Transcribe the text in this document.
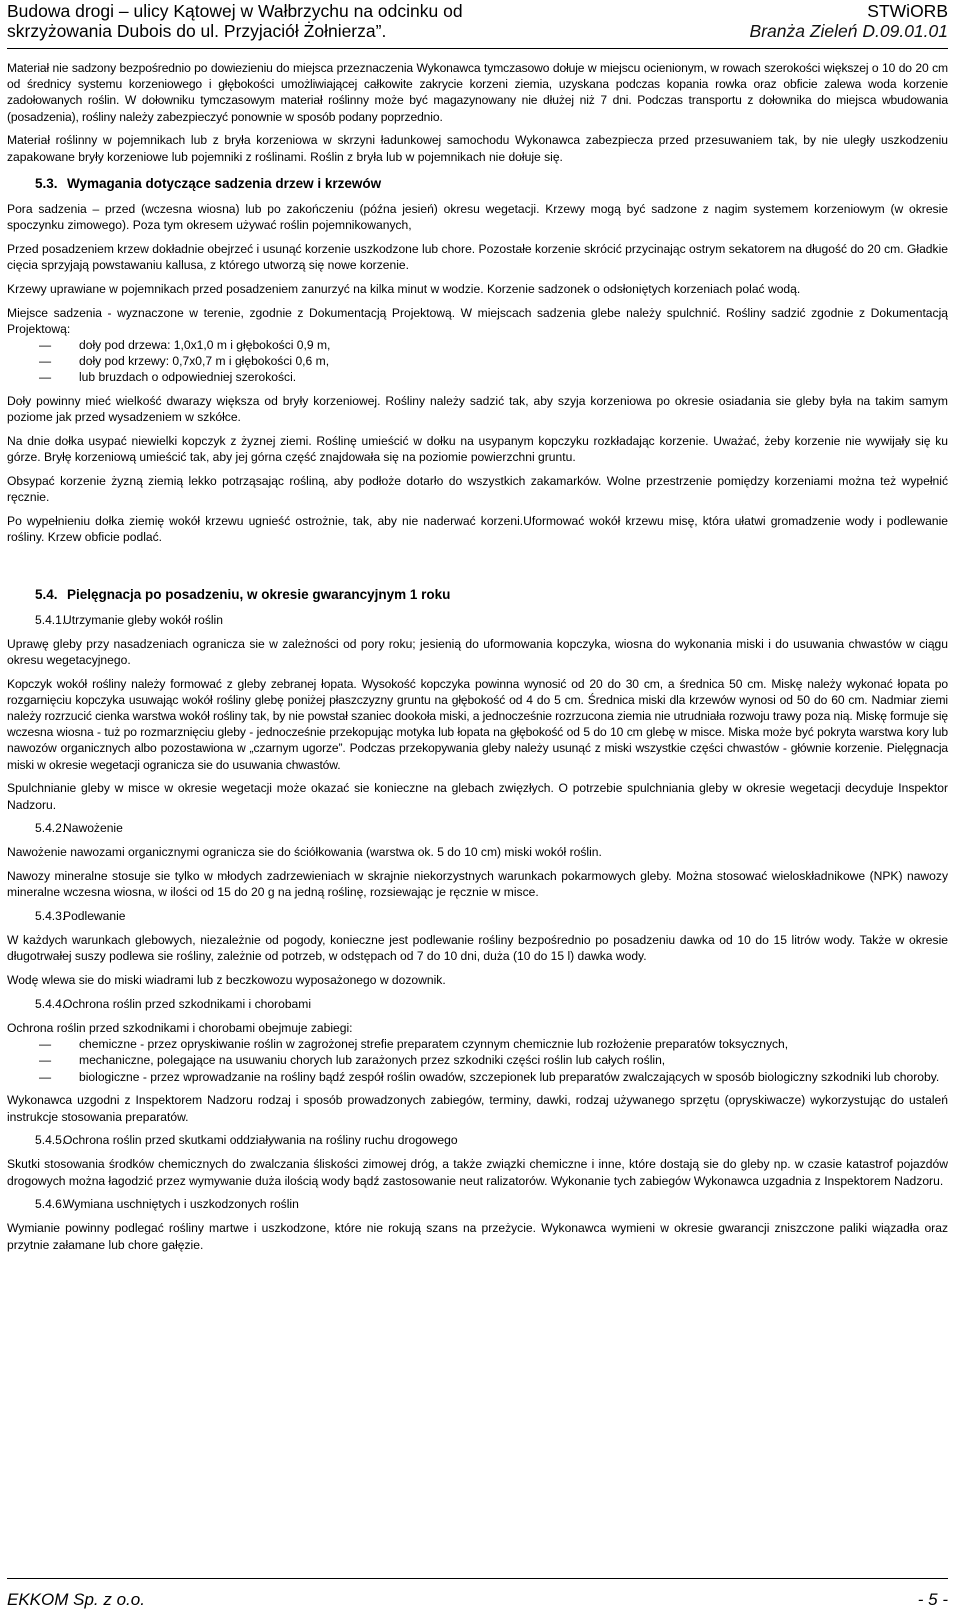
Budowa drogi – ulicy Kątowej w Wałbrzychu na odcinku od
skrzyżowania Dubois do ul. Przyjaciół Żołnierza”.
STWiORB
Branża Zieleń D.09.01.01

Materiał nie sadzony bezpośrednio po dowiezieniu do miejsca przeznaczenia Wykonawca tymczasowo dołuje w miejscu ocienionym, w rowach szerokości większej o 10 do 20 cm od średnicy systemu korzeniowego i głębokości umożliwiającej całkowite zakrycie korzeni ziemia, uzyskana podczas kopania rowka oraz obficie zalewa woda korzenie zadołowanych roślin. W dołowniku tymczasowym materiał roślinny może być magazynowany nie dłużej niż 7 dni. Podczas transportu z dołownika do miejsca wbudowania (posadzenia), rośliny należy zabezpieczyć ponownie w sposób podany poprzednio.

Materiał roślinny w pojemnikach lub z bryła korzeniowa w skrzyni ładunkowej samochodu Wykonawca zabezpiecza przed przesuwaniem tak, by nie uległy uszkodzeniu zapakowane bryły korzeniowe lub pojemniki z roślinami. Roślin z bryła lub w pojemnikach nie dołuje się.

5.3. Wymagania dotyczące sadzenia drzew i krzewów

Pora sadzenia – przed (wczesna wiosna) lub po zakończeniu (późna jesień) okresu wegetacji. Krzewy mogą być sadzone z nagim systemem korzeniowym (w okresie spoczynku zimowego). Poza tym okresem używać roślin pojemnikowanych,

Przed posadzeniem krzew dokładnie obejrzeć i usunąć korzenie uszkodzone lub chore. Pozostałe korzenie skrócić przycinając ostrym sekatorem na długość do 20 cm. Gładkie cięcia sprzyjają powstawaniu kallusa, z którego utworzą się nowe korzenie.

Krzewy uprawiane w pojemnikach przed posadzeniem zanurzyć na kilka minut w wodzie. Korzenie sadzonek o odsłoniętych korzeniach polać wodą.

Miejsce sadzenia - wyznaczone w terenie, zgodnie z Dokumentacją Projektową. W miejscach sadzenia glebe należy spulchnić. Rośliny sadzić zgodnie z Dokumentacją Projektową:

— doły pod drzewa: 1,0x1,0 m i głębokości 0,9 m,
— doły pod krzewy: 0,7x0,7 m i głębokości 0,6 m,
— lub bruzdach o odpowiedniej szerokości.

Doły powinny mieć wielkość dwarazy większa od bryły korzeniowej. Rośliny należy sadzić tak, aby szyja korzeniowa po okresie osiadania sie gleby była na takim samym poziome jak przed wysadzeniem w szkółce.

Na dnie dołka usypać niewielki kopczyk z żyznej ziemi. Roślinę umieścić w dołku na usypanym kopczyku rozkładając korzenie. Uważać, żeby korzenie nie wywijały się ku górze. Bryłę korzeniową umieścić tak, aby jej górna część znajdowała się na poziomie powierzchni gruntu.

Obsypać korzenie żyzną ziemią lekko potrząsając rośliną, aby podłoże dotarło do wszystkich zakamarków. Wolne przestrzenie pomiędzy korzeniami można też wypełnić ręcznie.

Po wypełnieniu dołka ziemię wokół krzewu ugnieść ostrożnie, tak, aby nie naderwać korzeni.Uformować wokół krzewu misę, która ułatwi gromadzenie wody i podlewanie rośliny. Krzew obficie podlać.

5.4. Pielęgnacja po posadzeniu, w okresie gwarancyjnym 1 roku
5.4.1.Utrzymanie gleby wokół roślin

Uprawę gleby przy nasadzeniach ogranicza sie w zależności od pory roku; jesienią do uformowania kopczyka, wiosna do wykonania miski i do usuwania chwastów w ciągu okresu wegetacyjnego.

Kopczyk wokół rośliny należy formować z gleby zebranej łopata. Wysokość kopczyka powinna wynosić od 20 do 30 cm, a średnica 50 cm. Miskę należy wykonać łopata po rozgarnięciu kopczyka usuwając wokół rośliny glebę poniżej płaszczyzny gruntu na głębokość od 4 do 5 cm. Średnica miski dla krzewów wynosi od 50 do 60 cm. Nadmiar ziemi należy rozrzucić cienka warstwa wokół rośliny tak, by nie powstał szaniec dookoła miski, a jednocześnie rozrzucona ziemia nie utrudniała rozwoju trawy poza nią. Miskę formuje się wczesna wiosna - tuż po rozmarznięciu gleby - jednocześnie przekopując motyka lub łopata na głębokość od 5 do 10 cm glebę w misce. Miska może być pokryta warstwa kory lub nawozów organicznych albo pozostawiona w „czarnym ugorze”. Podczas przekopywania gleby należy usunąć z miski wszystkie części chwastów - głównie korzenie. Pielęgnacja miski w okresie wegetacji ogranicza sie do usuwania chwastów.

Spulchnianie gleby w misce w okresie wegetacji może okazać sie konieczne na glebach zwięzłych. O potrzebie spulchniania gleby w okresie wegetacji decyduje Inspektor Nadzoru.

5.4.2.Nawożenie

Nawożenie nawozami organicznymi ogranicza sie do ściółkowania (warstwa ok. 5 do 10 cm) miski wokół roślin.

Nawozy mineralne stosuje sie tylko w młodych zadrzewieniach w skrajnie niekorzystnych warunkach pokarmowych gleby. Można stosować wieloskładnikowe (NPK) nawozy mineralne wczesna wiosna, w ilości od 15 do 20 g na jedną roślinę, rozsiewając je ręcznie w misce.

5.4.3.Podlewanie

W każdych warunkach glebowych, niezależnie od pogody, konieczne jest podlewanie rośliny bezpośrednio po posadzeniu dawka od 10 do 15 litrów wody. Także w okresie długotrwałej suszy podlewa sie rośliny, zależnie od potrzeb, w odstępach od 7 do 10 dni, duża (10 do 15 l) dawka wody.

Wodę wlewa sie do miski wiadrami lub z beczkowozu wyposażonego w dozownik.

5.4.4.Ochrona roślin przed szkodnikami i chorobami

Ochrona roślin przed szkodnikami i chorobami obejmuje zabiegi:

— chemiczne - przez opryskiwanie roślin w zagrożonej strefie preparatem czynnym chemicznie lub rozłożenie preparatów toksycznych,
— mechaniczne, polegające na usuwaniu chorych lub zarażonych przez szkodniki części roślin lub całych roślin,
— biologiczne - przez wprowadzanie na rośliny bądź zespół roślin owadów, szczepionek lub preparatów zwalczających w sposób biologiczny szkodniki lub choroby.

Wykonawca uzgodni z Inspektorem Nadzoru rodzaj i sposób prowadzonych zabiegów, terminy, dawki, rodzaj używanego sprzętu (opryskiwacze) wykorzystując do ustaleń instrukcje stosowania preparatów.

5.4.5.Ochrona roślin przed skutkami oddziaływania na rośliny ruchu drogowego

Skutki stosowania środków chemicznych do zwalczania śliskości zimowej dróg, a także związki chemiczne i inne, które dostają sie do gleby np. w czasie katastrof pojazdów drogowych można łagodzić przez wymywanie duża ilością wody bądź zastosowanie neut ralizatorów. Wykonanie tych zabiegów Wykonawca uzgadnia z Inspektorem Nadzoru.

5.4.6.Wymiana uschniętych i uszkodzonych roślin

Wymianie powinny podlegać rośliny martwe i uszkodzone, które nie rokują szans na przeżycie. Wykonawca wymieni w okresie gwarancji zniszczone paliki wiązadła oraz przytnie załamane lub chore gałęzie.

EKKOM Sp. z o.o.	- 5 -
